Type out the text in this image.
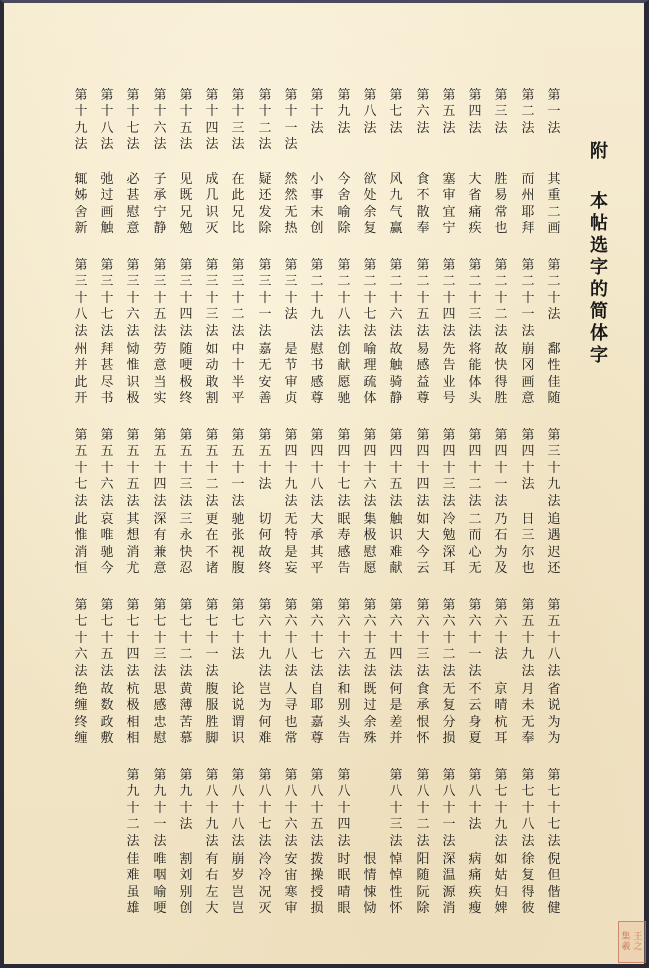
附
本帖选字的简体字
第一法
其重二画
第二法
而州耶拜
第三法
胜易常也
第四法
大省痛疾
第五法
塞审宜宁
第六法
食不散奉
第七法
风九气赢
第八法
欲处余复
第九法
今舍喻除
第十法
小事末创
第十一法
然然无热
第十二法
疑还发除
第十三法
在此兄比
第十四法
成几识灭
第十五法
见既兄勉
第十六法
子承宁静
第十七法
必甚慰意
第十八法
弛过画触
第十九法
辄姊舍新
第二十法
鄱性佳随
第二十一法
崩冈画意
第二十二法
故快得胜
第二十三法
将能体头
第二十四法
先告业号
第二十五法
易感益尊
第二十六法
故触骑静
第二十七法
喻理疏体
第二十八法
创献愿驰
第二十九法
慰书感尊
第三十法
是节审贞
第三十一法
嘉无安善
第三十二法
中十半平
第三十三法
如动敢割
第三十四法
随哽极终
第三十五法
劳意当实
第三十六法
恸惟识极
第三十七法
拜甚尽书
第三十八法
州并此开
第三十九法
追遇迟还
第四十法
日三尔也
第四十一法
乃石为及
第四十二法
二而心无
第四十三法
冷勉深耳
第四十四法
如大今云
第四十五法
触识难献
第四十六法
集极慰愿
第四十七法
眠寿感告
第四十八法
大承其平
第四十九法
无特是妄
第五十法
切何故终
第五十一法
驰张视腹
第五十二法
更在不诸
第五十三法
三永快忍
第五十四法
深有兼意
第五十五法
其想消尤
第五十六法
哀唯驰今
第五十七法
此惟消恒
第五十八法
省说为为
第五十九法
月未无奉
第六十法
京晴杭耳
第六十一法
不云身夏
第六十二法
无复分损
第六十三法
食承恨怀
第六十四法
何是差并
第六十五法
既过余殊
第六十六法
和别头告
第六十七法
自耶嘉尊
第六十八法
人寻也常
第六十九法
岂为何难
第七十法
论说谓识
第七十一法
腹服胜脚
第七十二法
黄薄苦慕
第七十三法
思感忠慰
第七十四法
杭极相相
第七十五法
故数政敷
第七十六法
绝缠终缠
第七十七法
倪但偕健
第七十八法
徐复得彼
第七十九法
如姑妇婢
第八十法
病痛疾瘦
第八十一法
深温源消
第八十二法
阳随阮除
第八十三法
悼悼性怀
恨情悚恸
第八十四法
时眠晴眼
第八十五法
拨操授损
第八十六法
安宙寒审
第八十七法
冷冷况灭
第八十八法
崩岁岂岂
第八十九法
有右左大
第九十法
割刘别创
第九十一法
唯咽喻哽
第九十二法
佳难虽雄
集 王
羲 之
